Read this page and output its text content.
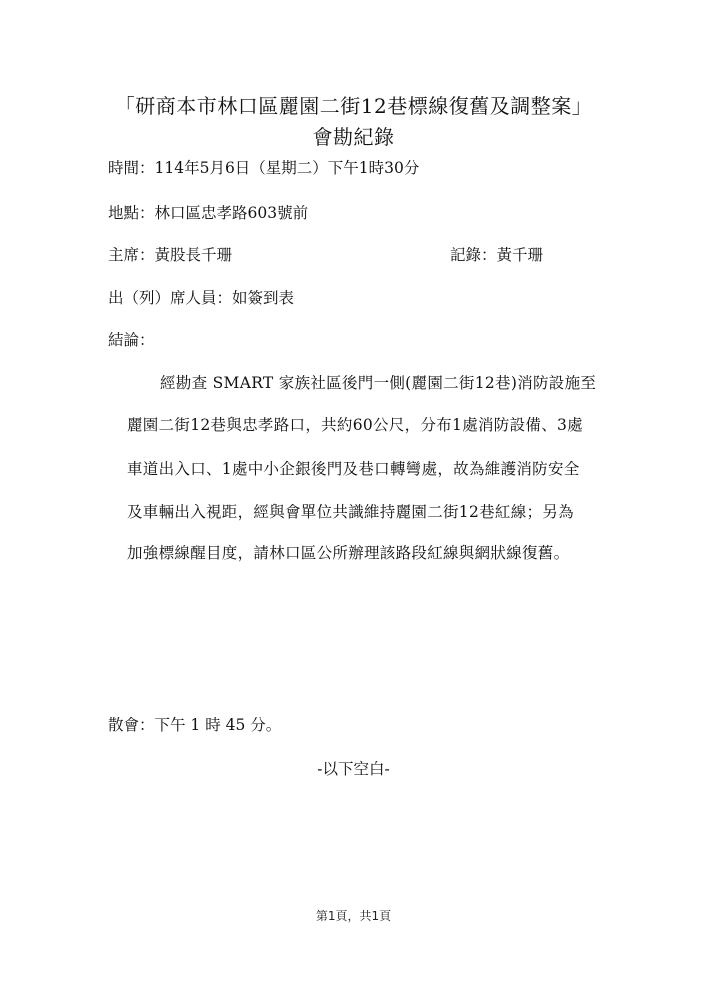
「研商本市林口區麗園二街12巷標線復舊及調整案」
會勘紀錄
時間：114年5月6日（星期二）下午1時30分
地點：林口區忠孝路603號前
主席：黃股長千珊	記錄：黃千珊
出（列）席人員：如簽到表
結論：
經勘查 SMART 家族社區後門一側(麗園二街12巷)消防設施至
麗園二街12巷與忠孝路口，共約60公尺，分布1處消防設備、3處
車道出入口、1處中小企銀後門及巷口轉彎處，故為維護消防安全
及車輛出入視距，經與會單位共識維持麗園二街12巷紅線；另為
加強標線醒目度，請林口區公所辦理該路段紅線與網狀線復舊。
散會：下午 1 時 45 分。
-以下空白-
第1頁，共1頁
